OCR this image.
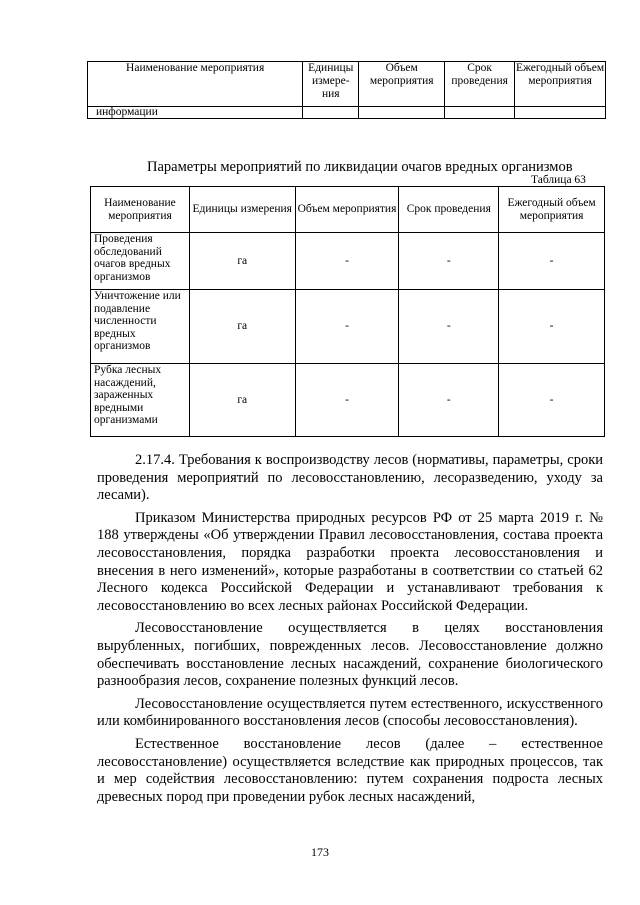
Наименование мероприятия	Единицы измере-ния	Объем мероприятия	Срок проведения	Ежегодный объем мероприятия
информации				
Параметры мероприятий по ликвидации очагов вредных организмов
Таблица 63
Наименование мероприятия	Единицы измерения	Объем мероприятия	Срок проведения	Ежегодный объем мероприятия
Проведения обследований очагов вредных организмов	га	-	-	-
Уничтожение или подавление численности вредных организмов	га	-	-	-
Рубка лесных насаждений, зараженных вредными организмами	га	-	-	-

2.17.4. Требования к воспроизводству лесов (нормативы, параметры, сроки проведения мероприятий по лесовосстановлению, лесоразведению, уходу за лесами).

Приказом Министерства природных ресурсов РФ от 25 марта 2019 г. № 188 утверждены «Об утверждении Правил лесовосстановления, состава проекта лесовосстановления, порядка разработки проекта лесовосстановления и внесения в него изменений», которые разработаны в соответствии со статьей 62 Лесного кодекса Российской Федерации и устанавливают требования к лесовосстановлению во всех лесных районах Российской Федерации.

Лесовосстановление осуществляется в целях восстановления вырубленных, погибших, поврежденных лесов. Лесовосстановление должно обеспечивать восстановление лесных насаждений, сохранение биологического разнообразия лесов, сохранение полезных функций лесов.

Лесовосстановление осуществляется путем естественного, искусственного или комбинированного восстановления лесов (способы лесовосстановления).

Естественное восстановление лесов (далее – естественное лесовосстановление) осуществляется вследствие как природных процессов, так и мер содействия лесовосстановлению: путем сохранения подроста лесных древесных пород при проведении рубок лесных насаждений,

173
